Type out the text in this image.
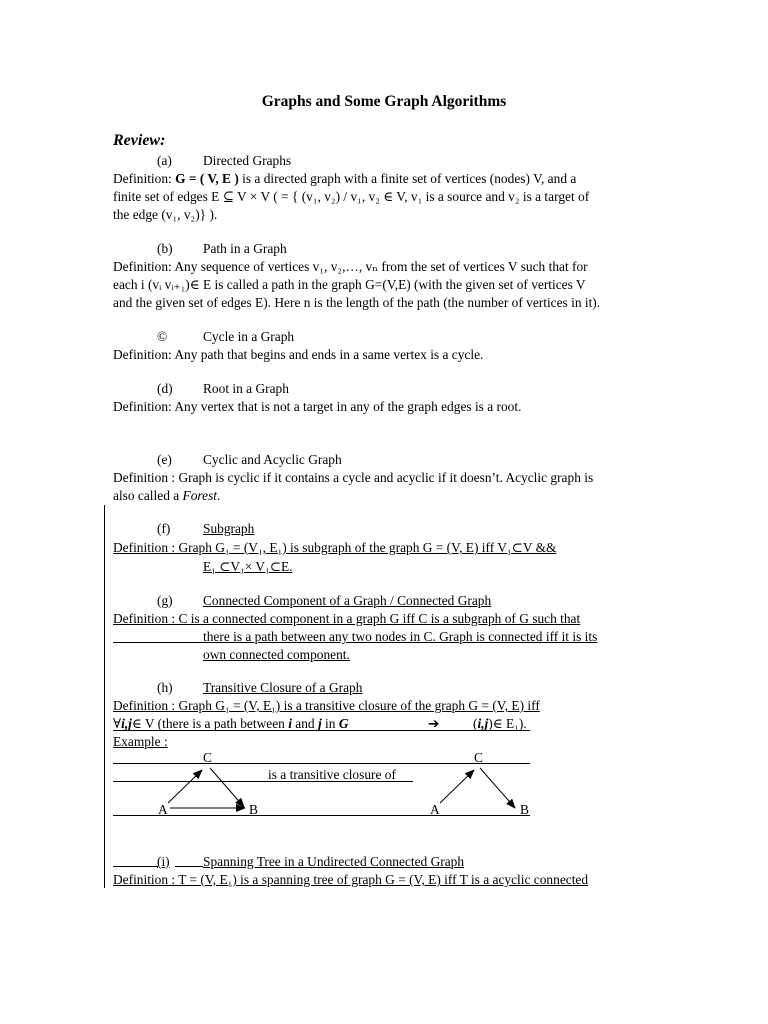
Graphs and Some Graph Algorithms
Review:
(a) Directed Graphs
Definition: G = ( V, E ) is a directed graph with a finite set of vertices (nodes) V, and a
finite set of edges E ⊆ V × V ( = { (v₁, v₂) / v₁, v₂ ∈ V, v₁ is a source and v₂ is a target of
the edge (v₁, v₂)} ).
(b) Path in a Graph
Definition: Any sequence of vertices v₁, v₂,…, vₙ from the set of vertices V such that for
each i (vᵢ vᵢ₊₁)∈ E is called a path in the graph G=(V,E) (with the given set of vertices V
and the given set of edges E). Here n is the length of the path (the number of vertices in it).
©	Cycle in a Graph
Definition: Any path that begins and ends in a same vertex is a cycle.
(d) Root in a Graph
Definition: Any vertex that is not a target in any of the graph edges is a root.
(e) Cyclic and Acyclic Graph
Definition : Graph is cyclic if it contains a cycle and acyclic if it doesn’t. Acyclic graph is
also called a Forest.
(f) Subgraph
Definition : Graph G₁ = (V₁, E₁) is subgraph of the graph G = (V, E) iff V₁⊂V &&
E₁ ⊂V₁× V₁⊂E.
(g) Connected Component of a Graph / Connected Graph
Definition : C is a connected component in a graph G iff C is a subgraph of G such that
there is a path between any two nodes in C. Graph is connected iff it is its
own connected component.
(h) Transitive Closure of a Graph
Definition : Graph G₁ = (V, E₁) is a transitive closure of the graph G = (V, E) iff
∀i,j∈ V (there is a path between i and j in G	➔	(i,j)∈ E₁).
Example :
C	C
is a transitive closure of
A	B	A	B
(i) Spanning Tree in a Undirected Connected Graph
Definition : T = (V, E₁) is a spanning tree of graph G = (V, E) iff T is a acyclic connected
